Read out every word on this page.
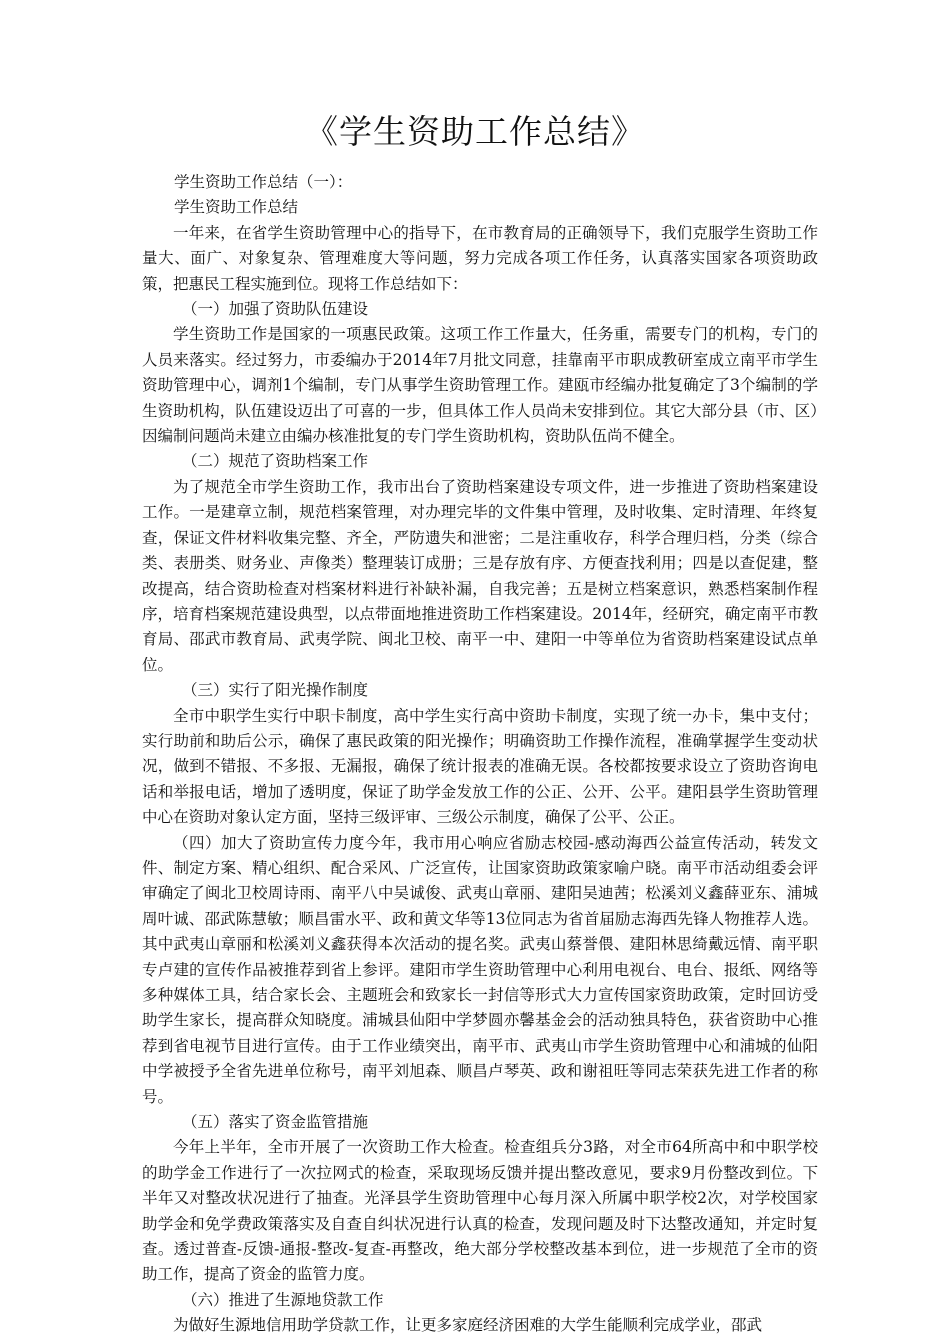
《学生资助工作总结》
学生资助工作总结（一）：
学生资助工作总结
一年来，在省学生资助管理中心的指导下，在市教育局的正确领导下，我们克服学生资助工作量大、面广、对象复杂、管理难度大等问题，努力完成各项工作任务，认真落实国家各项资助政策，把惠民工程实施到位。现将工作总结如下：
（一）加强了资助队伍建设
学生资助工作是国家的一项惠民政策。这项工作工作量大，任务重，需要专门的机构，专门的人员来落实。经过努力，市委编办于2014年7月批文同意，挂靠南平市职成教研室成立南平市学生资助管理中心，调剂1个编制，专门从事学生资助管理工作。建瓯市经编办批复确定了3个编制的学生资助机构，队伍建设迈出了可喜的一步，但具体工作人员尚未安排到位。其它大部分县（市、区）因编制问题尚未建立由编办核准批复的专门学生资助机构，资助队伍尚不健全。
（二）规范了资助档案工作
为了规范全市学生资助工作，我市出台了资助档案建设专项文件，进一步推进了资助档案建设工作。一是建章立制，规范档案管理，对办理完毕的文件集中管理，及时收集、定时清理、年终复查，保证文件材料收集完整、齐全，严防遗失和泄密；二是注重收存，科学合理归档，分类（综合类、表册类、财务业、声像类）整理装订成册；三是存放有序、方便查找利用；四是以查促建，整改提高，结合资助检查对档案材料进行补缺补漏，自我完善；五是树立档案意识，熟悉档案制作程序，培育档案规范建设典型，以点带面地推进资助工作档案建设。2014年，经研究，确定南平市教育局、邵武市教育局、武夷学院、闽北卫校、南平一中、建阳一中等单位为省资助档案建设试点单位。
（三）实行了阳光操作制度
全市中职学生实行中职卡制度，高中学生实行高中资助卡制度，实现了统一办卡，集中支付；实行助前和助后公示，确保了惠民政策的阳光操作；明确资助工作操作流程，准确掌握学生变动状况，做到不错报、不多报、无漏报，确保了统计报表的准确无误。各校都按要求设立了资助咨询电话和举报电话，增加了透明度，保证了助学金发放工作的公正、公开、公平。建阳县学生资助管理中心在资助对象认定方面，坚持三级评审、三级公示制度，确保了公平、公正。
（四）加大了资助宣传力度今年，我市用心响应省励志校园-感动海西公益宣传活动，转发文件、制定方案、精心组织、配合采风、广泛宣传，让国家资助政策家喻户晓。南平市活动组委会评审确定了闽北卫校周诗雨、南平八中吴诚俊、武夷山章丽、建阳吴迪茜；松溪刘义鑫薛亚东、浦城周叶诚、邵武陈慧敏；顺昌雷水平、政和黄文华等13位同志为省首届励志海西先锋人物推荐人选。其中武夷山章丽和松溪刘义鑫获得本次活动的提名奖。武夷山蔡誉偎、建阳林思绮戴远情、南平职专卢建的宣传作品被推荐到省上参评。建阳市学生资助管理中心利用电视台、电台、报纸、网络等多种媒体工具，结合家长会、主题班会和致家长一封信等形式大力宣传国家资助政策，定时回访受助学生家长，提高群众知晓度。浦城县仙阳中学梦圆亦馨基金会的活动独具特色，获省资助中心推荐到省电视节目进行宣传。由于工作业绩突出，南平市、武夷山市学生资助管理中心和浦城的仙阳中学被授予全省先进单位称号，南平刘旭森、顺昌卢琴英、政和谢祖旺等同志荣获先进工作者的称号。
（五）落实了资金监管措施
今年上半年，全市开展了一次资助工作大检查。检查组兵分3路，对全市64所高中和中职学校的助学金工作进行了一次拉网式的检查，采取现场反馈并提出整改意见，要求9月份整改到位。下半年又对整改状况进行了抽查。光泽县学生资助管理中心每月深入所属中职学校2次，对学校国家助学金和免学费政策落实及自查自纠状况进行认真的检查，发现问题及时下达整改通知，并定时复查。透过普查-反馈-通报-整改-复查-再整改，绝大部分学校整改基本到位，进一步规范了全市的资助工作，提高了资金的监管力度。
（六）推进了生源地贷款工作
为做好生源地信用助学贷款工作，让更多家庭经济困难的大学生能顺利完成学业，邵武
